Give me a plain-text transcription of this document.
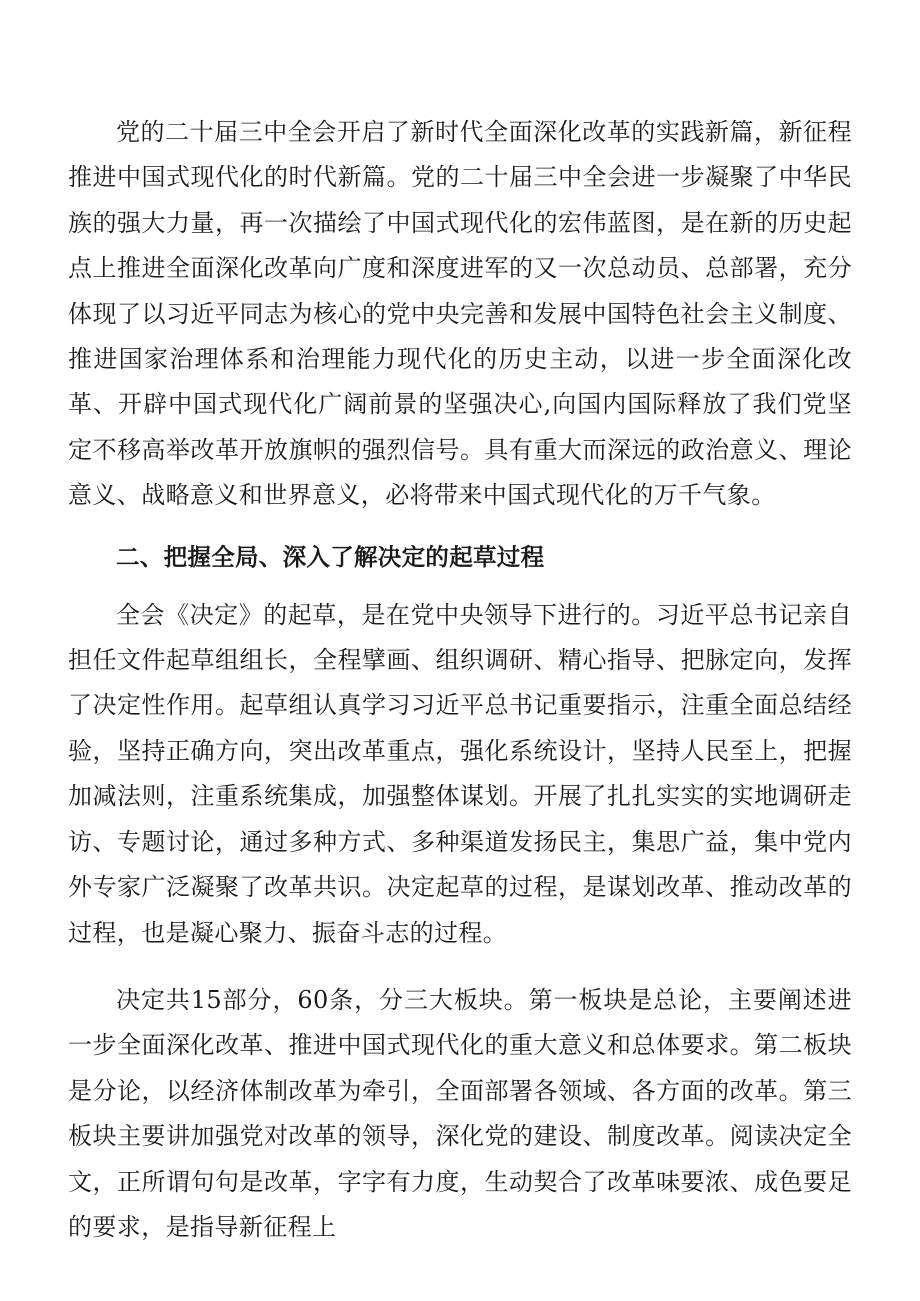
党的二十届三中全会开启了新时代全面深化改革的实践新篇，新征程推进中国式现代化的时代新篇。党的二十届三中全会进一步凝聚了中华民族的强大力量，再一次描绘了中国式现代化的宏伟蓝图，是在新的历史起点上推进全面深化改革向广度和深度进军的又一次总动员、总部署，充分体现了以习近平同志为核心的党中央完善和发展中国特色社会主义制度、推进国家治理体系和治理能力现代化的历史主动，以进一步全面深化改革、开辟中国式现代化广阔前景的坚强决心,向国内国际释放了我们党坚定不移高举改革开放旗帜的强烈信号。具有重大而深远的政治意义、理论意义、战略意义和世界意义，必将带来中国式现代化的万千气象。

二、把握全局、深入了解决定的起草过程

全会《决定》的起草，是在党中央领导下进行的。习近平总书记亲自担任文件起草组组长，全程擘画、组织调研、精心指导、把脉定向，发挥了决定性作用。起草组认真学习习近平总书记重要指示，注重全面总结经验，坚持正确方向，突出改革重点，强化系统设计，坚持人民至上，把握加减法则，注重系统集成，加强整体谋划。开展了扎扎实实的实地调研走访、专题讨论，通过多种方式、多种渠道发扬民主，集思广益，集中党内外专家广泛凝聚了改革共识。决定起草的过程，是谋划改革、推动改革的过程，也是凝心聚力、振奋斗志的过程。

决定共15部分，60条，分三大板块。第一板块是总论，主要阐述进一步全面深化改革、推进中国式现代化的重大意义和总体要求。第二板块是分论，以经济体制改革为牵引，全面部署各领域、各方面的改革。第三板块主要讲加强党对改革的领导，深化党的建设、制度改革。阅读决定全文，正所谓句句是改革，字字有力度，生动契合了改革味要浓、成色要足的要求，是指导新征程上
